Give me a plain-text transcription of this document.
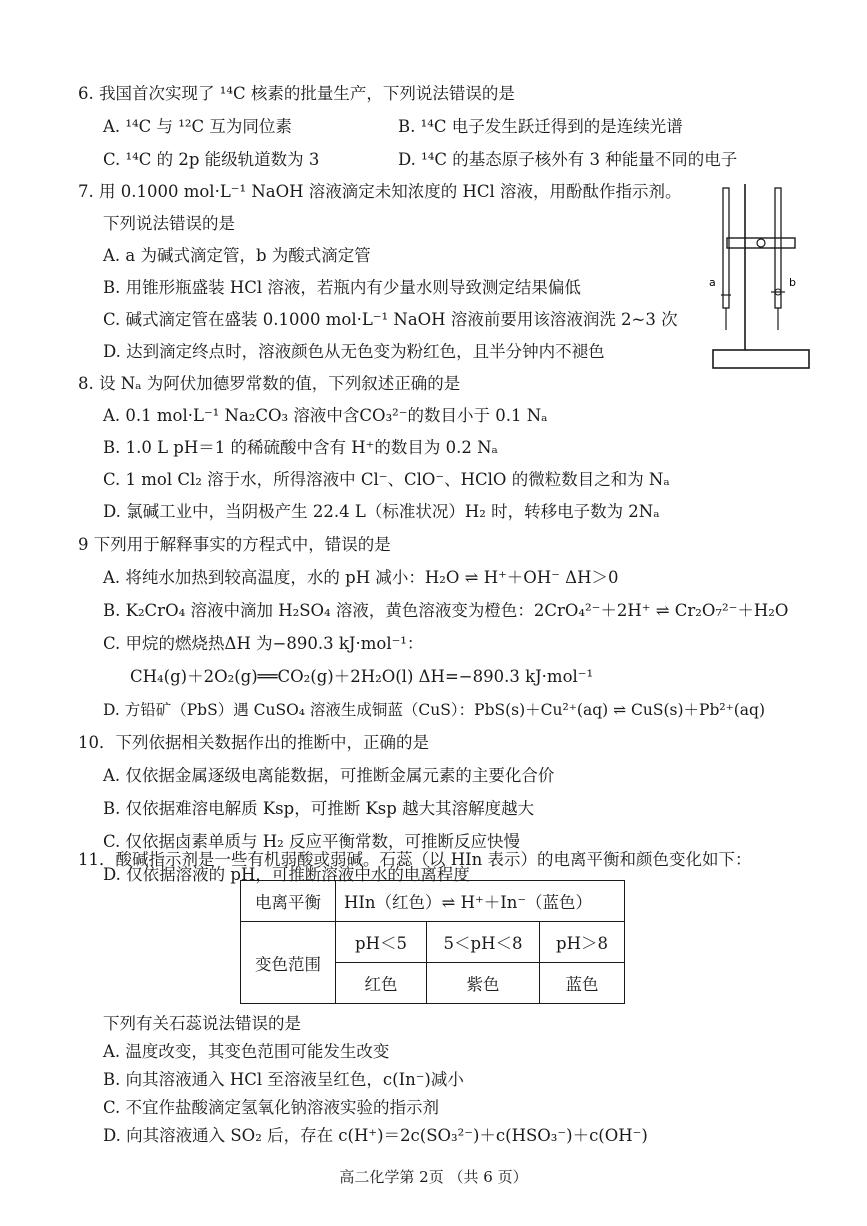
6. 我国首次实现了 ¹⁴C 核素的批量生产，下列说法错误的是
A. ¹⁴C 与 ¹²C 互为同位素	B. ¹⁴C 电子发生跃迁得到的是连续光谱
C. ¹⁴C 的 2p 能级轨道数为 3	D. ¹⁴C 的基态原子核外有 3 种能量不同的电子
7. 用 0.1000 mol·L⁻¹ NaOH 溶液滴定未知浓度的 HCl 溶液，用酚酞作指示剂。
下列说法错误的是
A. a 为碱式滴定管，b 为酸式滴定管
B. 用锥形瓶盛装 HCl 溶液，若瓶内有少量水则导致测定结果偏低
C. 碱式滴定管在盛装 0.1000 mol·L⁻¹ NaOH 溶液前要用该溶液润洗 2~3 次
D. 达到滴定终点时，溶液颜色从无色变为粉红色，且半分钟内不褪色
a	b
8. 设 Nₐ 为阿伏加德罗常数的值，下列叙述正确的是
A. 0.1 mol·L⁻¹ Na₂CO₃ 溶液中含CO₃²⁻的数目小于 0.1 Nₐ
B. 1.0 L pH＝1 的稀硫酸中含有 H⁺的数目为 0.2 Nₐ
C. 1 mol Cl₂ 溶于水，所得溶液中 Cl⁻、ClO⁻、HClO 的微粒数目之和为 Nₐ
D. 氯碱工业中，当阴极产生 22.4 L（标准状况）H₂ 时，转移电子数为 2Nₐ
9 下列用于解释事实的方程式中，错误的是
A. 将纯水加热到较高温度，水的 pH 减小：H₂O ⇌ H⁺＋OH⁻ ΔH＞0
B. K₂CrO₄ 溶液中滴加 H₂SO₄ 溶液，黄色溶液变为橙色：2CrO₄²⁻＋2H⁺ ⇌ Cr₂O₇²⁻＋H₂O
C. 甲烷的燃烧热ΔH 为−890.3 kJ·mol⁻¹：
CH₄(g)＋2O₂(g)══CO₂(g)＋2H₂O(l) ΔH=−890.3 kJ·mol⁻¹
D. 方铅矿（PbS）遇 CuSO₄ 溶液生成铜蓝（CuS）：PbS(s)＋Cu²⁺(aq) ⇌ CuS(s)＋Pb²⁺(aq)
10．下列依据相关数据作出的推断中，正确的是
A. 仅依据金属逐级电离能数据，可推断金属元素的主要化合价
B. 仅依据难溶电解质 Ksp，可推断 Ksp 越大其溶解度越大
C. 仅依据卤素单质与 H₂ 反应平衡常数，可推断反应快慢
D. 仅依据溶液的 pH，可推断溶液中水的电离程度
11．酸碱指示剂是一些有机弱酸或弱碱。石蕊（以 HIn 表示）的电离平衡和颜色变化如下：
电离平衡	HIn（红色）⇌ H⁺＋In⁻（蓝色）		
变色范围	pH＜5	5＜pH＜8	pH＞8
	红色	紫色	蓝色
下列有关石蕊说法错误的是
A. 温度改变，其变色范围可能发生改变
B. 向其溶液通入 HCl 至溶液呈红色，c(In⁻)减小
C. 不宜作盐酸滴定氢氧化钠溶液实验的指示剂
D. 向其溶液通入 SO₂ 后，存在 c(H⁺)＝2c(SO₃²⁻)＋c(HSO₃⁻)＋c(OH⁻)
高二化学第 2页 （共 6 页）
